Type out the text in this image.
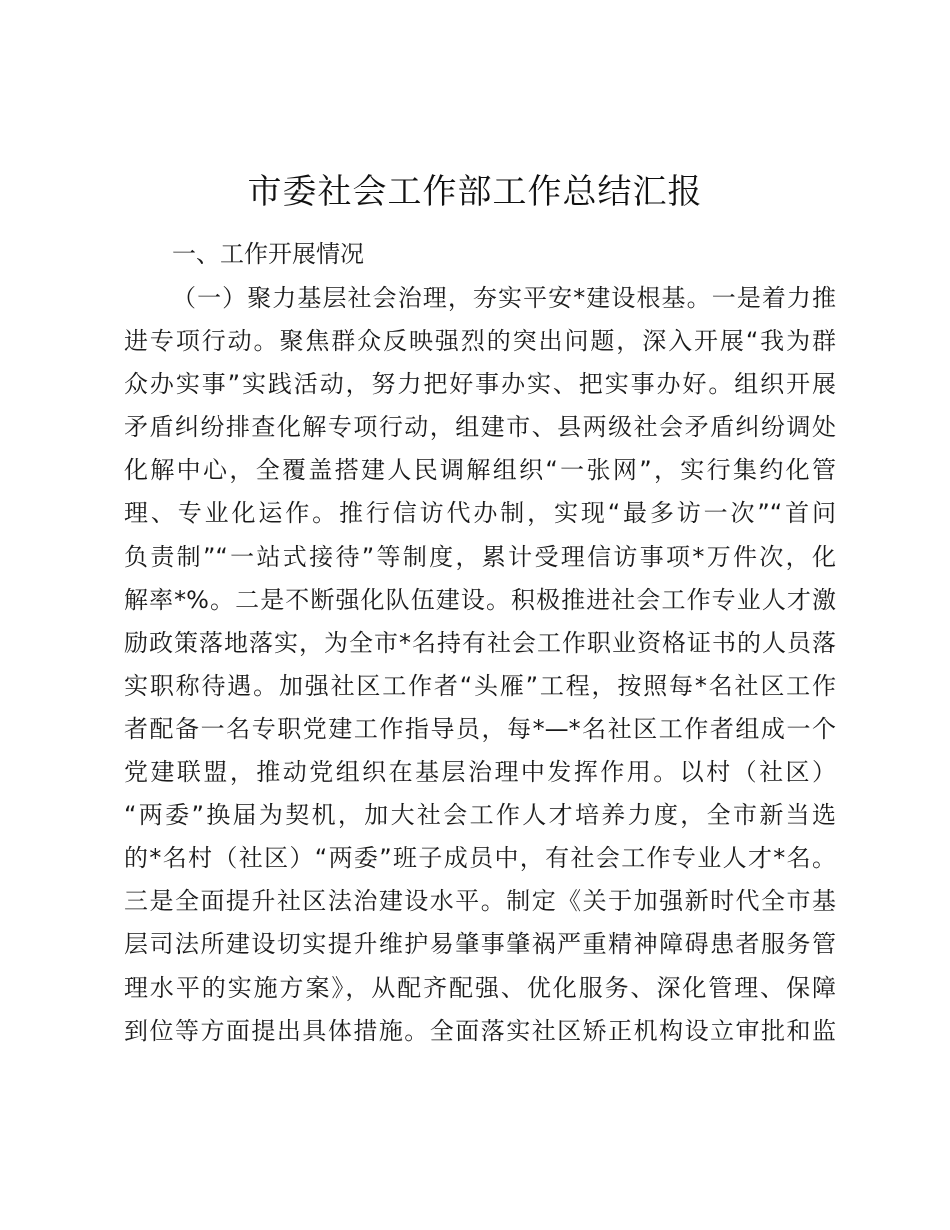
市委社会工作部工作总结汇报
一、工作开展情况
（一）聚力基层社会治理，夯实平安*建设根基。一是着力推
进专项行动。聚焦群众反映强烈的突出问题，深入开展“我为群
众办实事”实践活动，努力把好事办实、把实事办好。组织开展
矛盾纠纷排查化解专项行动，组建市、县两级社会矛盾纠纷调处
化解中心，全覆盖搭建人民调解组织“一张网”，实行集约化管
理、专业化运作。推行信访代办制，实现“最多访一次”“首问
负责制”“一站式接待”等制度，累计受理信访事项*万件次，化
解率*%。二是不断强化队伍建设。积极推进社会工作专业人才激
励政策落地落实，为全市*名持有社会工作职业资格证书的人员落
实职称待遇。加强社区工作者“头雁”工程，按照每*名社区工作
者配备一名专职党建工作指导员，每*—*名社区工作者组成一个
党建联盟，推动党组织在基层治理中发挥作用。以村（社区）
“两委”换届为契机，加大社会工作人才培养力度，全市新当选
的*名村（社区）“两委”班子成员中，有社会工作专业人才*名。
三是全面提升社区法治建设水平。制定《关于加强新时代全市基
层司法所建设切实提升维护易肇事肇祸严重精神障碍患者服务管
理水平的实施方案》，从配齐配强、优化服务、深化管理、保障
到位等方面提出具体措施。全面落实社区矫正机构设立审批和监
